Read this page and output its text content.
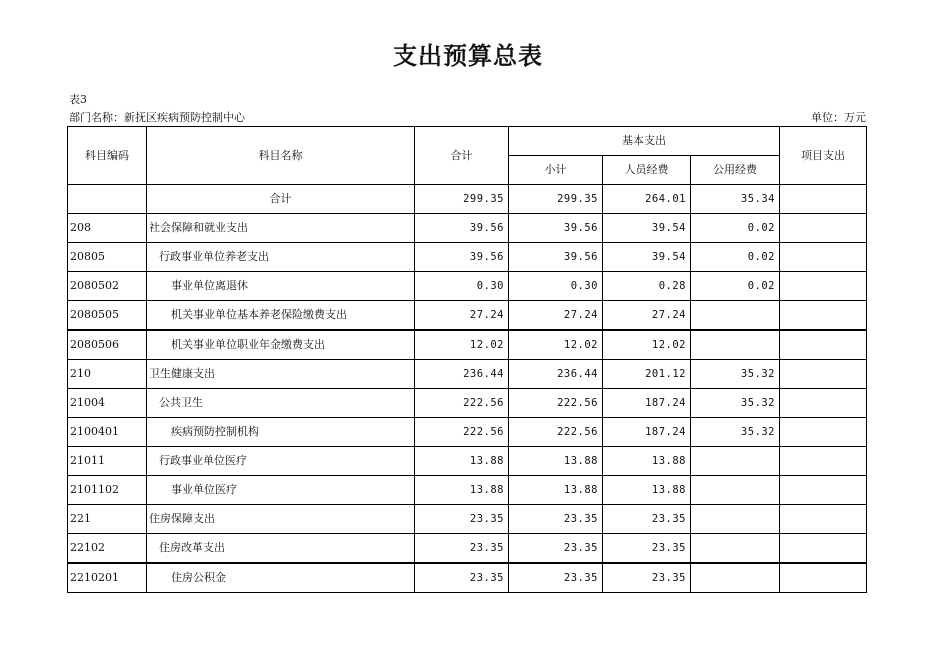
支出预算总表
表3
部门名称：新抚区疾病预防控制中心	单位：万元
科目编码	科目名称	合计	基本支出			项目支出
			小计	人员经费	公用经费	
	合计	299.35	299.35	264.01	35.34	
208	社会保障和就业支出	39.56	39.56	39.54	0.02	
20805	行政事业单位养老支出	39.56	39.56	39.54	0.02	
2080502	事业单位离退休	0.30	0.30	0.28	0.02	
2080505	机关事业单位基本养老保险缴费支出	27.24	27.24	27.24		
2080506	机关事业单位职业年金缴费支出	12.02	12.02	12.02		
210	卫生健康支出	236.44	236.44	201.12	35.32	
21004	公共卫生	222.56	222.56	187.24	35.32	
2100401	疾病预防控制机构	222.56	222.56	187.24	35.32	
21011	行政事业单位医疗	13.88	13.88	13.88		
2101102	事业单位医疗	13.88	13.88	13.88		
221	住房保障支出	23.35	23.35	23.35		
22102	住房改革支出	23.35	23.35	23.35		
2210201	住房公积金	23.35	23.35	23.35		
